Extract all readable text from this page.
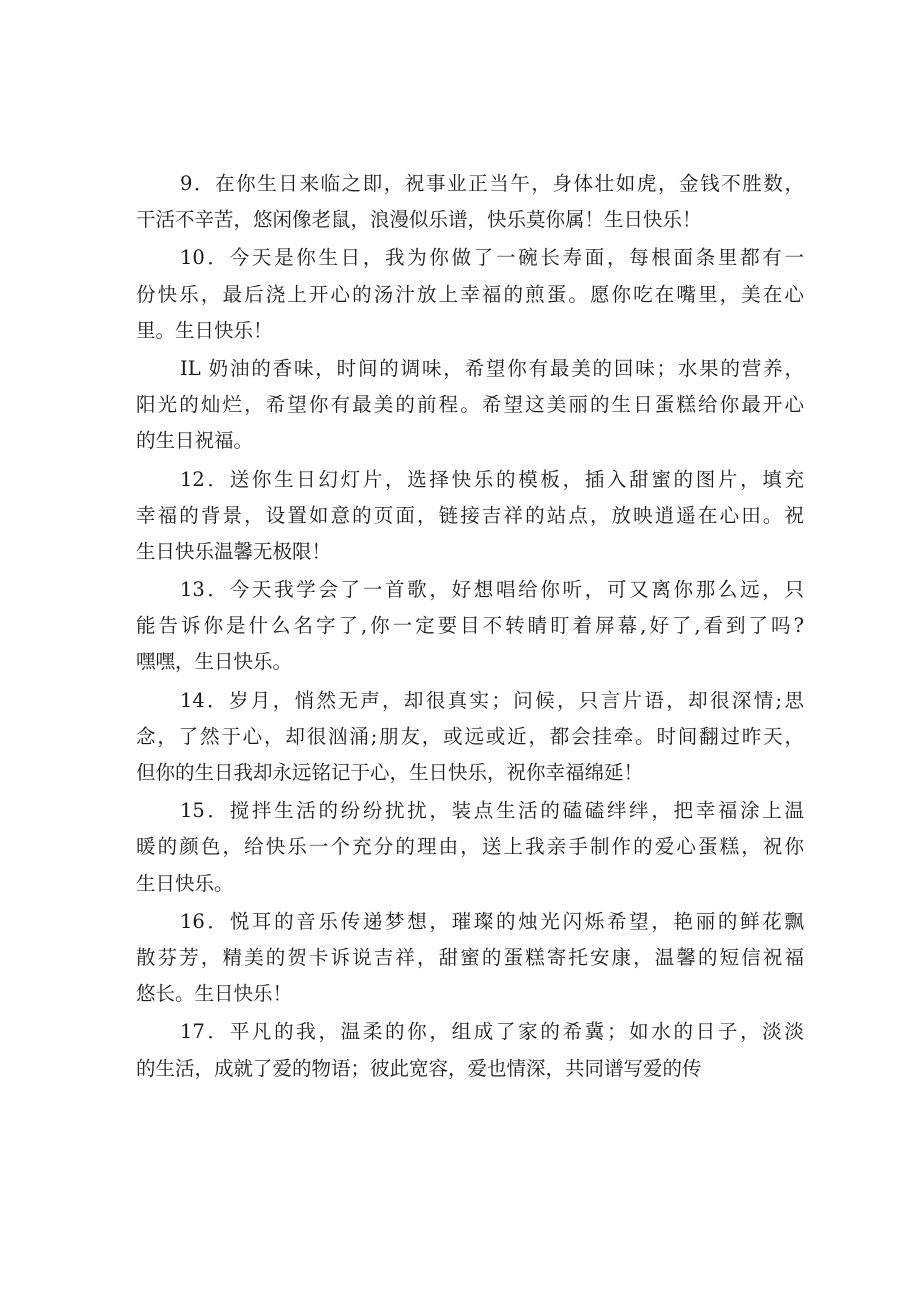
9．在你生日来临之即，祝事业正当午，身体壮如虎，金钱不胜数，
干活不辛苦，悠闲像老鼠，浪漫似乐谱，快乐莫你属！生日快乐！
10．今天是你生日，我为你做了一碗长寿面，每根面条里都有一
份快乐，最后浇上开心的汤汁放上幸福的煎蛋。愿你吃在嘴里，美在心
里。生日快乐！
IL 奶油的香味，时间的调味，希望你有最美的回味；水果的营养，
阳光的灿烂，希望你有最美的前程。希望这美丽的生日蛋糕给你最开心
的生日祝福。
12．送你生日幻灯片，选择快乐的模板，插入甜蜜的图片，填充
幸福的背景，设置如意的页面，链接吉祥的站点，放映逍遥在心田。祝
生日快乐温馨无极限！
13．今天我学会了一首歌，好想唱给你听，可又离你那么远，只
能告诉你是什么名字了,你一定要目不转睛盯着屏幕,好了,看到了吗?
嘿嘿，生日快乐。
14．岁月，悄然无声，却很真实；问候，只言片语，却很深情;思
念，了然于心，却很汹涌;朋友，或远或近，都会挂牵。时间翻过昨天，
但你的生日我却永远铭记于心，生日快乐，祝你幸福绵延！
15．搅拌生活的纷纷扰扰，装点生活的磕磕绊绊，把幸福涂上温
暖的颜色，给快乐一个充分的理由，送上我亲手制作的爱心蛋糕，祝你
生日快乐。
16．悦耳的音乐传递梦想，璀璨的烛光闪烁希望，艳丽的鲜花飘
散芬芳，精美的贺卡诉说吉祥，甜蜜的蛋糕寄托安康，温馨的短信祝福
悠长。生日快乐！
17．平凡的我，温柔的你，组成了家的希冀；如水的日子，淡淡
的生活，成就了爱的物语；彼此宽容，爱也情深，共同谱写爱的传
